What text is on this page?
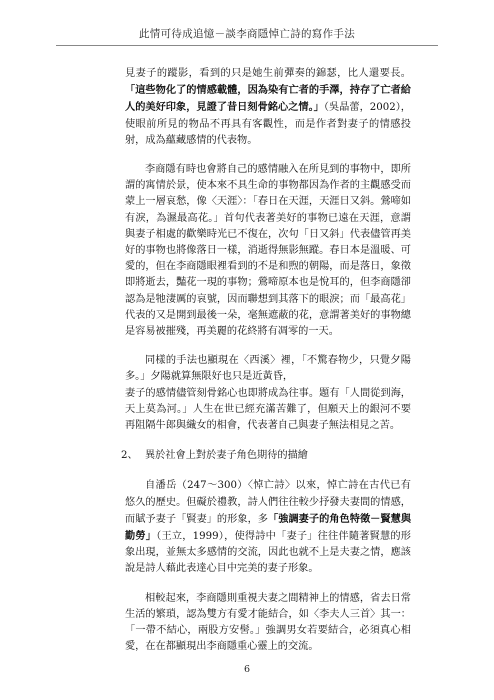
此情可待成追憶－談李商隱悼亡詩的寫作手法

見妻子的蹤影，看到的只是她生前彈奏的錦瑟，比人還要長。「這些物化了的情感載體，因為染有亡者的手澤，持存了亡者給人的美好印象，見證了昔日刻骨銘心之情。」（吳晶蕾，2002），使眼前所見的物品不再具有客觀性，而是作者對妻子的情感投射，成為蘊藏感情的代表物。

李商隱有時也會將自己的感情融入在所見到的事物中，即所謂的寓情於景，使本來不具生命的事物都因為作者的主觀感受而蒙上一層哀愁，像〈天涯〉：「春日在天涯，天涯日又斜。鶯啼如有淚，為濕最高花。」首句代表著美好的事物已遠在天涯，意謂與妻子相處的歡樂時光已不復在，次句「日又斜」代表儘管再美好的事物也將像落日一樣，消逝得無影無蹤。春日本是溫暖、可愛的，但在李商隱眼裡看到的不是和煦的朝陽，而是落日，象徵即將逝去，豔花一現的事物；鶯啼原本也是悅耳的，但李商隱卻認為是牠淒厲的哀號，因而聯想到其落下的眼淚；而「最高花」代表的又是開到最後一朵，毫無遮蔽的花，意謂著美好的事物總是容易被摧殘，再美麗的花終將有凋零的一天。

同樣的手法也顯現在〈西溪〉裡，「不驚春物少，只覺夕陽多。」夕陽就算無限好也只是近黃昏，

妻子的感情儘管刻骨銘心也即將成為往事。題有「人間從到海，天上莫為河。」人生在世已經充滿苦難了，但願天上的銀河不要再阻隔牛郎與織女的相會，代表著自己與妻子無法相見之苦。

2、 異於社會上對於妻子角色期待的描繪

自潘岳（247～300）〈悼亡詩〉以來，悼亡詩在古代已有悠久的歷史。但礙於禮教，詩人們往往較少抒發夫妻間的情感，而賦予妻子「賢妻」的形象，多「強調妻子的角色特徵－賢慧與勤勞」（王立，1999），使得詩中「妻子」往往伴隨著賢慧的形象出現，並無太多感情的交流，因此也就不上是夫妻之情，應該說是詩人藉此表達心目中完美的妻子形象。

相較起來，李商隱則重視夫妻之間精神上的情感，省去日常生活的繁瑣，認為雙方有愛才能結合，如〈李夫人三首〉其一：「一帶不結心，兩股方安髻。」強調男女若要結合，必須真心相愛，在在都顯現出李商隱重心靈上的交流。

6
